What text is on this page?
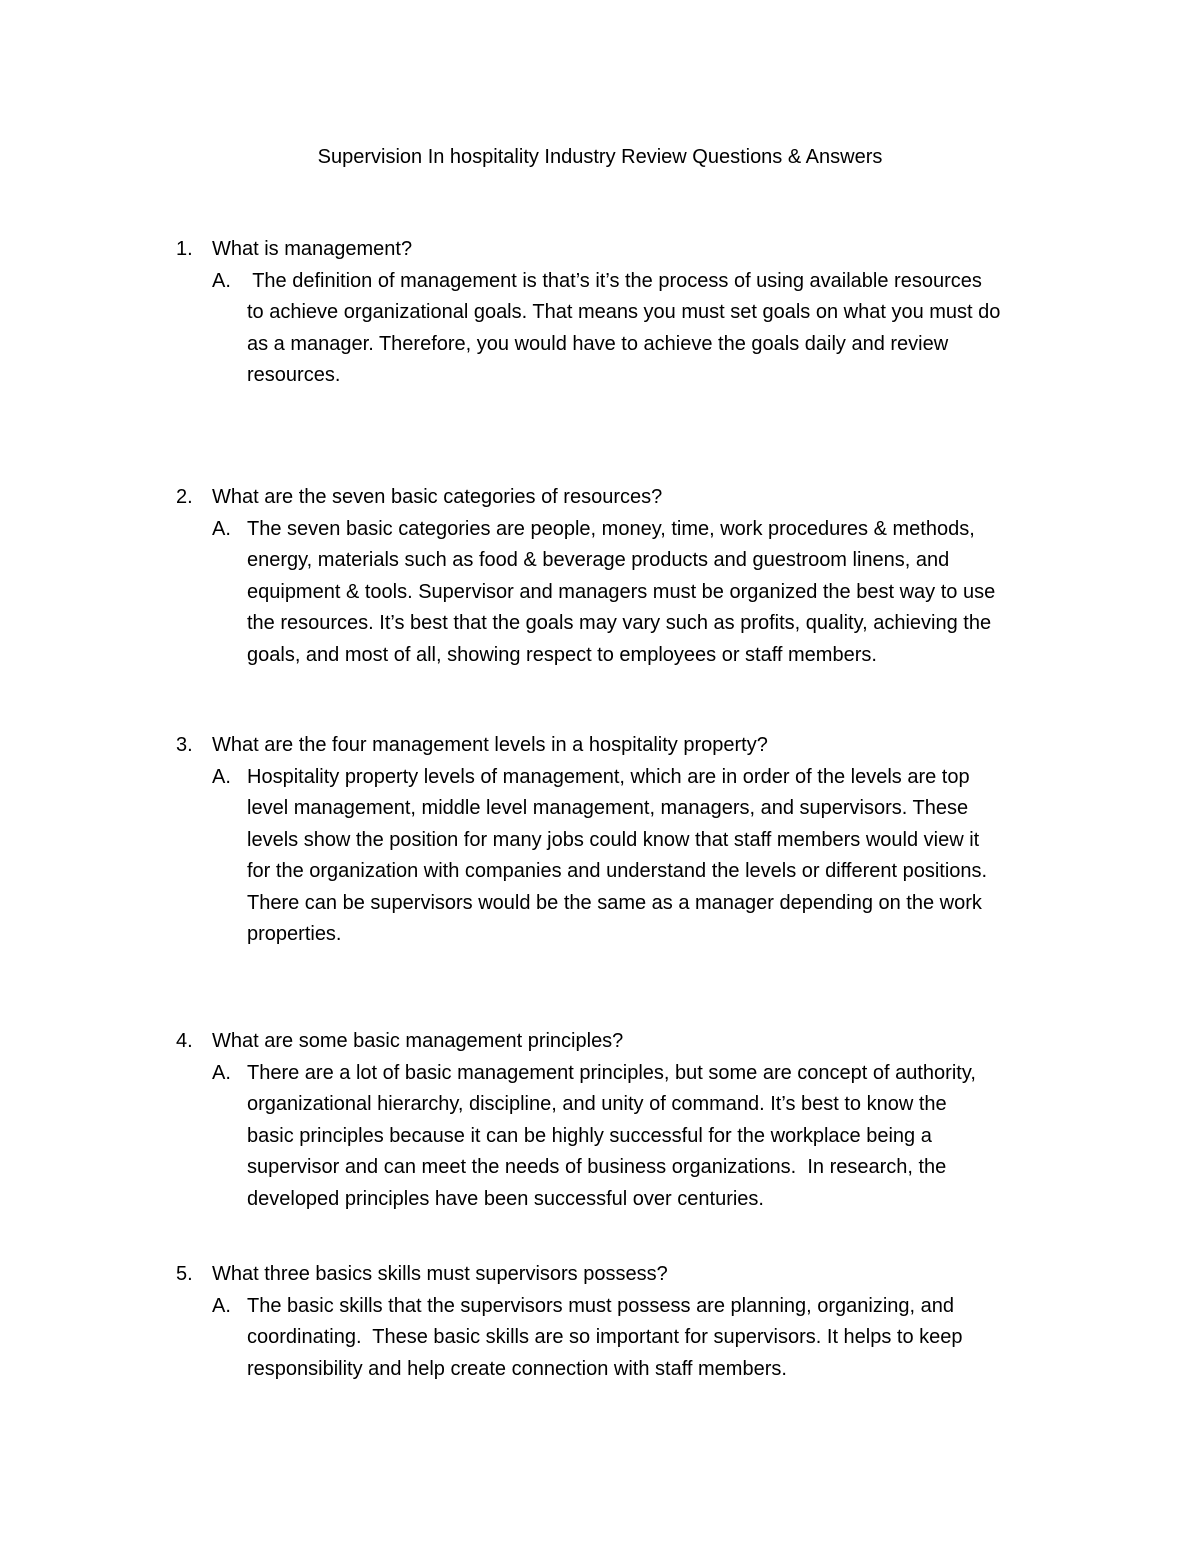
Supervision In hospitality Industry Review Questions & Answers
1. What is management?
A. The definition of management is that’s it’s the process of using available resources
to achieve organizational goals. That means you must set goals on what you must do
as a manager. Therefore, you would have to achieve the goals daily and review
resources.
2. What are the seven basic categories of resources?
A. The seven basic categories are people, money, time, work procedures & methods,
energy, materials such as food & beverage products and guestroom linens, and
equipment & tools. Supervisor and managers must be organized the best way to use
the resources. It’s best that the goals may vary such as profits, quality, achieving the
goals, and most of all, showing respect to employees or staff members.
3. What are the four management levels in a hospitality property?
A. Hospitality property levels of management, which are in order of the levels are top
level management, middle level management, managers, and supervisors. These
levels show the position for many jobs could know that staff members would view it
for the organization with companies and understand the levels or different positions.
There can be supervisors would be the same as a manager depending on the work
properties.
4. What are some basic management principles?
A. There are a lot of basic management principles, but some are concept of authority,
organizational hierarchy, discipline, and unity of command. It’s best to know the
basic principles because it can be highly successful for the workplace being a
supervisor and can meet the needs of business organizations.  In research, the
developed principles have been successful over centuries.
5. What three basics skills must supervisors possess?
A. The basic skills that the supervisors must possess are planning, organizing, and
coordinating.  These basic skills are so important for supervisors. It helps to keep
responsibility and help create connection with staff members.
